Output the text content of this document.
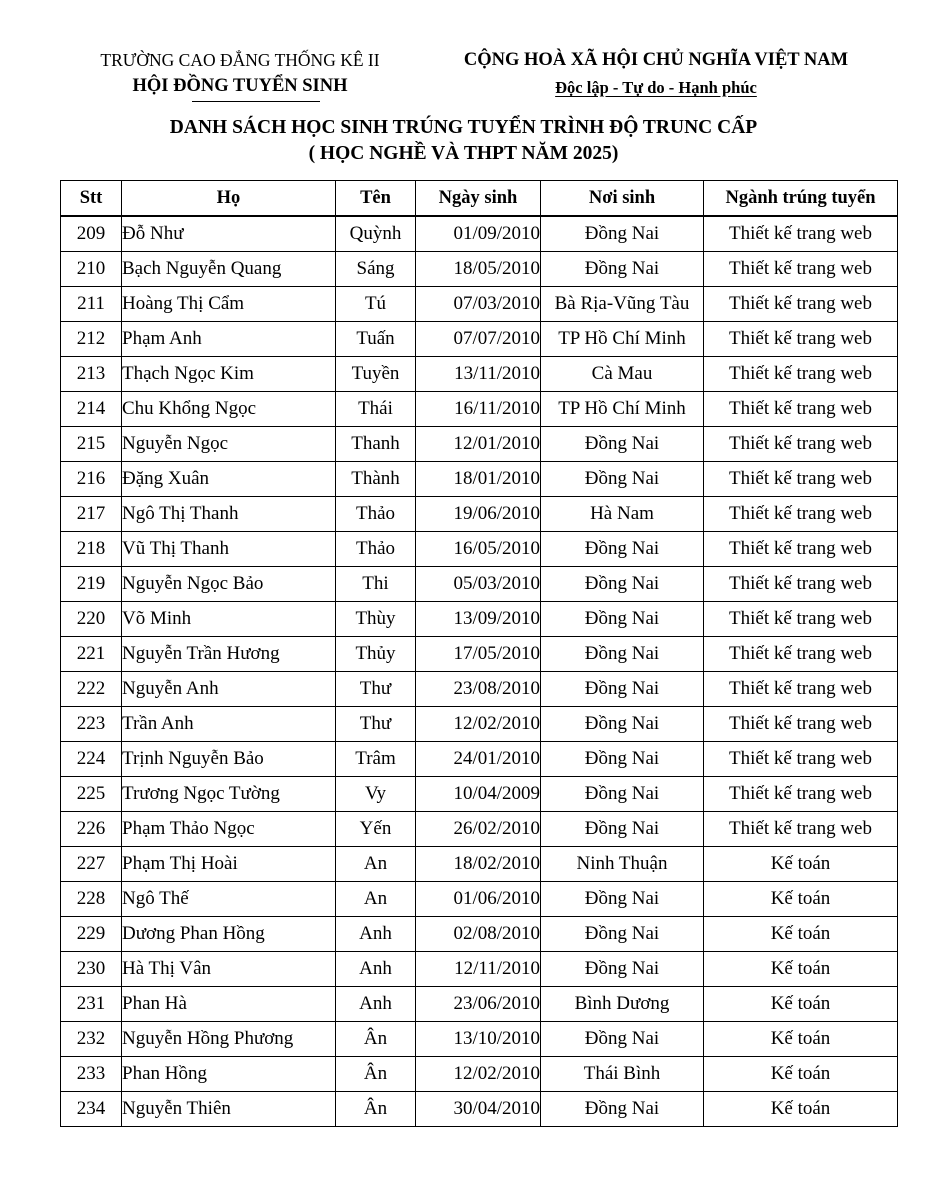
TRƯỜNG CAO ĐẲNG THỐNG KÊ II
HỘI ĐỒNG TUYỂN SINH
CỘNG HOÀ XÃ HỘI CHỦ NGHĨA VIỆT NAM
Độc lập - Tự do - Hạnh phúc
DANH SÁCH HỌC SINH TRÚNG TUYỂN TRÌNH ĐỘ TRUNC CẤP
( HỌC NGHỀ VÀ THPT NĂM 2025)
Stt	Họ	Tên	Ngày sinh	Nơi sinh	Ngành trúng tuyển
209	Đỗ Như	Quỳnh	01/09/2010	Đồng Nai	Thiết kế trang web
210	Bạch Nguyễn Quang	Sáng	18/05/2010	Đồng Nai	Thiết kế trang web
211	Hoàng Thị Cẩm	Tú	07/03/2010	Bà Rịa-Vũng Tàu	Thiết kế trang web
212	Phạm Anh	Tuấn	07/07/2010	TP Hồ Chí Minh	Thiết kế trang web
213	Thạch Ngọc Kim	Tuyền	13/11/2010	Cà Mau	Thiết kế trang web
214	Chu Khổng Ngọc	Thái	16/11/2010	TP Hồ Chí Minh	Thiết kế trang web
215	Nguyễn Ngọc	Thanh	12/01/2010	Đồng Nai	Thiết kế trang web
216	Đặng Xuân	Thành	18/01/2010	Đồng Nai	Thiết kế trang web
217	Ngô Thị Thanh	Thảo	19/06/2010	Hà Nam	Thiết kế trang web
218	Vũ Thị Thanh	Thảo	16/05/2010	Đồng Nai	Thiết kế trang web
219	Nguyễn Ngọc Bảo	Thi	05/03/2010	Đồng Nai	Thiết kế trang web
220	Võ Minh	Thùy	13/09/2010	Đồng Nai	Thiết kế trang web
221	Nguyễn Trần Hương	Thủy	17/05/2010	Đồng Nai	Thiết kế trang web
222	Nguyễn Anh	Thư	23/08/2010	Đồng Nai	Thiết kế trang web
223	Trần Anh	Thư	12/02/2010	Đồng Nai	Thiết kế trang web
224	Trịnh Nguyễn Bảo	Trâm	24/01/2010	Đồng Nai	Thiết kế trang web
225	Trương Ngọc Tường	Vy	10/04/2009	Đồng Nai	Thiết kế trang web
226	Phạm Thảo Ngọc	Yến	26/02/2010	Đồng Nai	Thiết kế trang web
227	Phạm Thị Hoài	An	18/02/2010	Ninh Thuận	Kế toán
228	Ngô Thế	An	01/06/2010	Đồng Nai	Kế toán
229	Dương Phan Hồng	Anh	02/08/2010	Đồng Nai	Kế toán
230	Hà Thị Vân	Anh	12/11/2010	Đồng Nai	Kế toán
231	Phan Hà	Anh	23/06/2010	Bình Dương	Kế toán
232	Nguyễn Hồng Phương	Ân	13/10/2010	Đồng Nai	Kế toán
233	Phan Hồng	Ân	12/02/2010	Thái Bình	Kế toán
234	Nguyễn Thiên	Ân	30/04/2010	Đồng Nai	Kế toán
